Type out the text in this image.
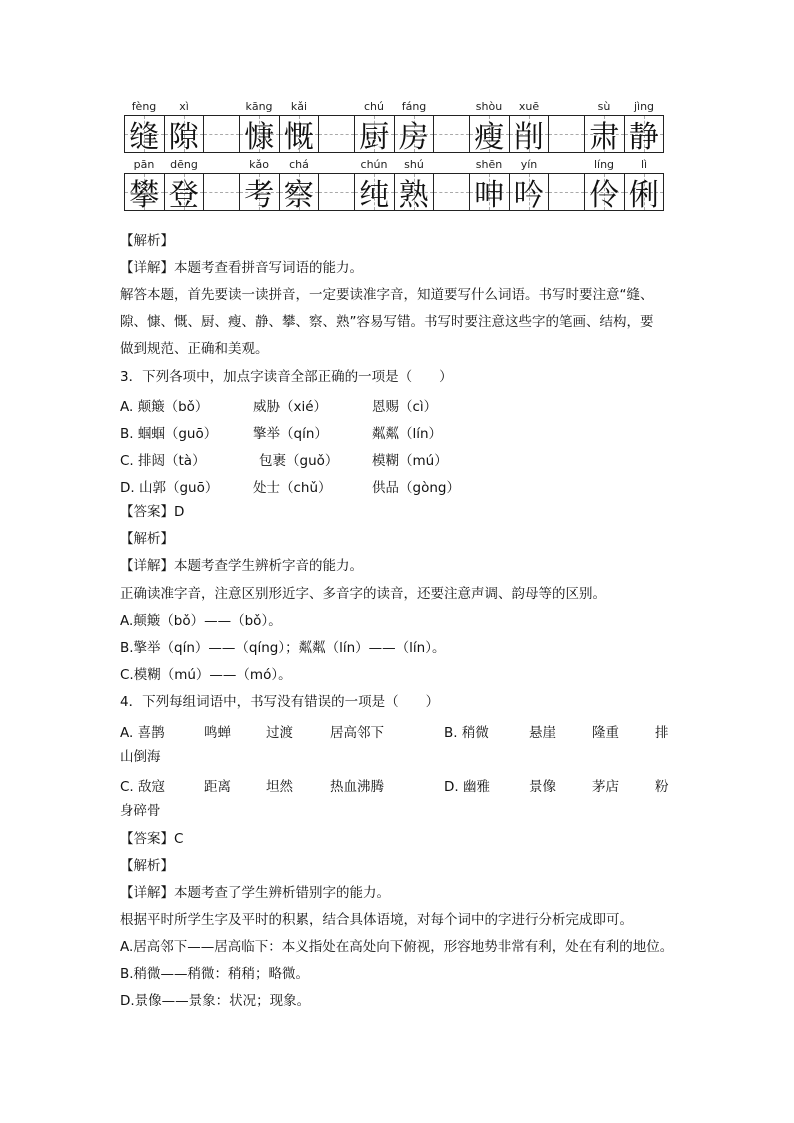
fèng	xì
缝 隙
kāng	kǎi
慷 慨
chú	fáng
厨 房
shòu	xuē
瘦 削
sù	jìng
肃 静
pān	dēng
攀 登
kǎo	chá
考 察
chún	shú
纯 熟
shēn	yín
呻 吟
líng	lì
伶 俐
【解析】
【详解】本题考查看拼音写词语的能力。
解答本题，首先要读一读拼音，一定要读准字音，知道要写什么词语。书写时要注意“缝、
隙、慷、慨、厨、瘦、静、攀、察、熟”容易写错。书写时要注意这些字的笔画、结构，要
做到规范、正确和美观。
3．下列各项中，加点字读音全部正确的一项是（　　）
A. 颠簸（bǒ）	威胁（xié）	恩赐（cì）
B. 蝈蝈（guō）	擎举（qín）	粼粼（lín）
C. 排闼（tà）	包裹（guǒ） 模糊（mú）
D. 山郭（guō）	处士（chǔ）	供品（gòng）
【答案】D
【解析】
【详解】本题考查学生辨析字音的能力。
正确读准字音，注意区别形近字、多音字的读音，还要注意声调、韵母等的区别。
A.颠簸（bǒ）——（bǒ）。
B.擎举（qín）——（qíng）；粼粼（lín）——（lín）。
C.模糊（mú）——（mó）。
4．下列每组词语中，书写没有错误的一项是（　　）
A. 喜鹊	鸣蝉	过渡	居高邻下	B. 稍微	悬崖	隆重	排
山倒海
C. 敌寇	距离	坦然	热血沸腾	D. 幽雅	景像	茅店	粉
身碎骨
【答案】C
【解析】
【详解】本题考查了学生辨析错别字的能力。
根据平时所学生字及平时的积累，结合具体语境，对每个词中的字进行分析完成即可。
A.居高邻下——居高临下：本义指处在高处向下俯视，形容地势非常有利，处在有利的地位。
B.稍微——稍微：稍稍；略微。
D.景像——景象：状况；现象。
